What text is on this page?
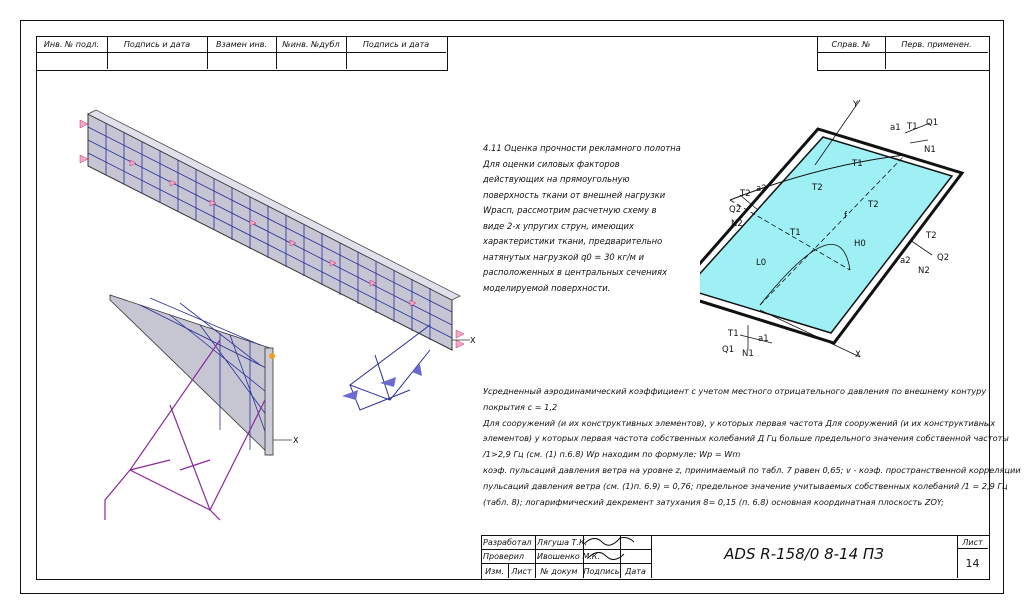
Инв. № подл.	Подпись и дата	Взамен инв.	№инв. №дубл	Подпись и дата	Справ. №	Перв. применен.
X
X
4.11 Оценка прочности рекламного полотна
Для оценки силовых факторов
действующих на прямоугольную
поверхность ткани от внешней нагрузки
Wрасп, рассмотрим расчетную схему в
виде 2-х упругих струн, имеющих
характеристики ткани, предварительно
натянутых нагрузкой q0 = 30 кг/м и
расположенных в центральных сечениях
моделируемой поверхности.
Y
X
a1 T1 Q1
N1
T1
T2
T2
T2 a2
Q2
N2
f
T1
H0
L0
T2
a2	Q2
N2
T1 a1
Q1 N1
Усредненный аэродинамический коэффициент с учетом местного отрицательного давления по внешнему контуру
покрытия c = 1,2
Для сооружений (и их конструктивных элементов), у которых первая частота Для сооружений (и их конструктивных
элементов) у которых первая частота собственных колебаний Д Гц больше предельного значения собственной частоты
/1>2,9 Гц (см. (1) п.6.8) Wp находим по формуле: Wp = Wm
коэф. пульсаций давления ветра на уровне z, принимаемый по табл. 7 равен 0,65; v - коэф. пространственной корреляции
пульсаций давления ветра (см. (1)п. 6.9) = 0,76; предельное значение учитываемых собственных колебаний /1 = 2,9 Гц
(табл. 8); логарифмический декремент затухания 8= 0,15 (п. 6.8) основная координатная плоскость ZOY;
Разработал Лягуша Т.К.
Проверил Ивошенко М.К.
Изм. Лист	№ докум Подпись Дата
ADS R-158/0 8-14 ПЗ
Лист
14
